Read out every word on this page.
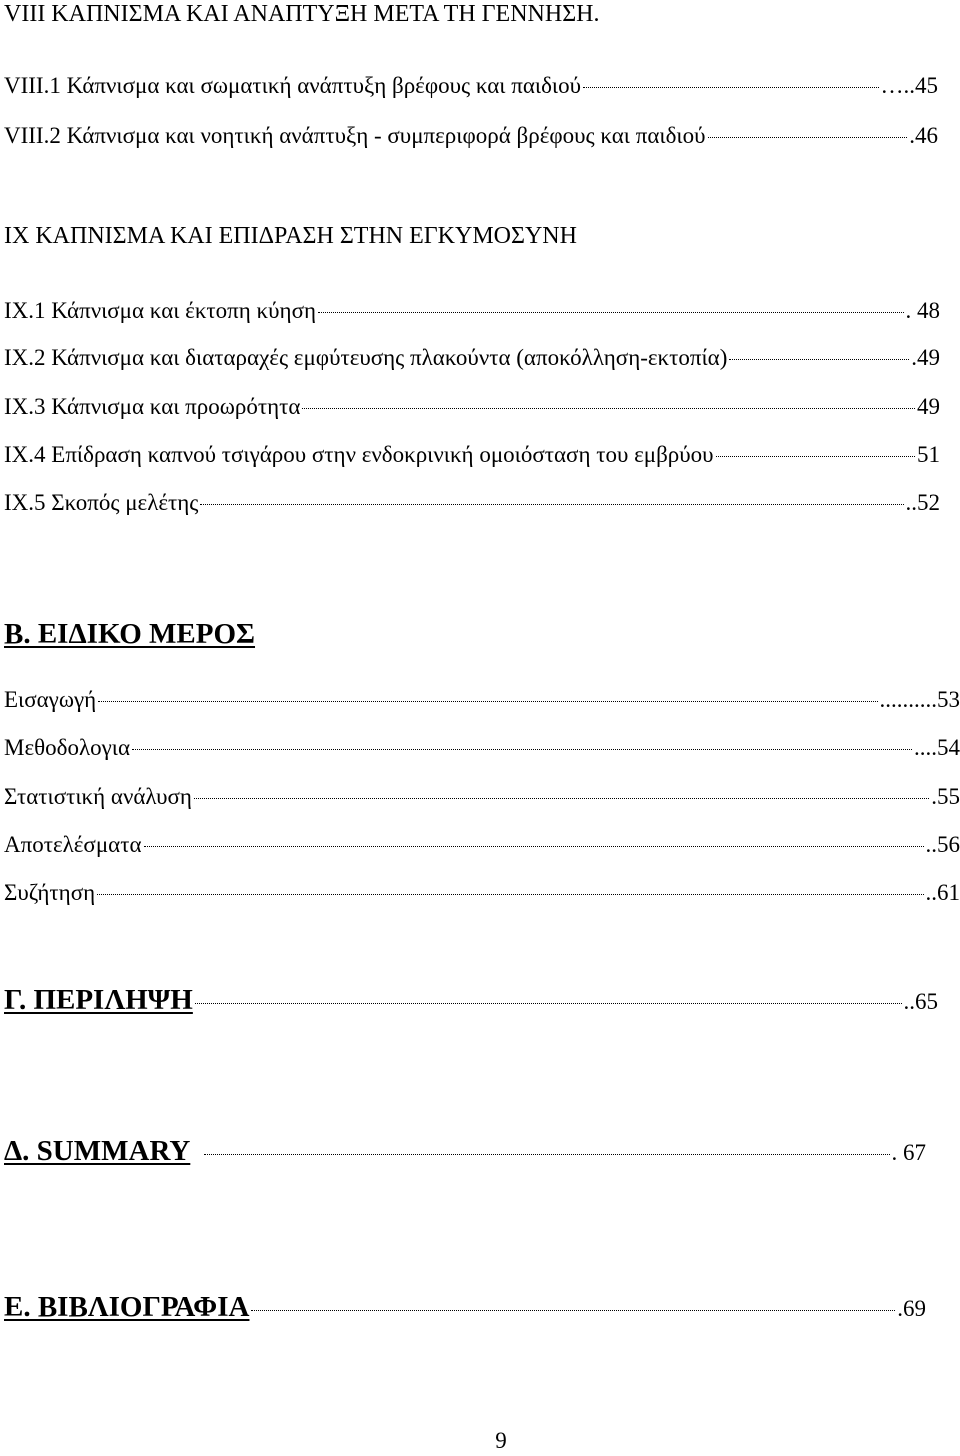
VIII ΚΑΠΝΙΣΜΑ ΚΑΙ ΑΝΑΠΤΥΞΗ ΜΕΤΑ ΤΗ ΓΕΝΝΗΣΗ.
VIII.1 Κάπνισμα και σωματική ανάπτυξη βρέφους και παιδιού	…..45
VIII.2 Κάπνισμα και νοητική ανάπτυξη - συμπεριφορά βρέφους και παιδιού	.46
IX ΚΑΠΝΙΣΜΑ ΚΑΙ ΕΠΙΔΡΑΣΗ ΣΤΗΝ ΕΓΚΥΜΟΣΥΝΗ
IX.1 Κάπνισμα και έκτοπη κύηση	. 48
IX.2 Κάπνισμα και διαταραχές εμφύτευσης πλακούντα (αποκόλληση-εκτοπία)	.49
IX.3 Κάπνισμα και προωρότητα	49
IX.4 Επίδραση καπνού τσιγάρου στην ενδοκρινική ομοιόσταση του εμβρύου	51
IX.5 Σκοπός μελέτης	..52
Β. ΕΙΔΙΚΟ ΜΕΡΟΣ
Εισαγωγή	..........53
Μεθοδολογια	....54
Στατιστική ανάλυση	.55
Αποτελέσματα	..56
Συζήτηση	..61
Γ. ΠΕΡΙΛΗΨΗ	..65
Δ. SUMMARY	. 67
Ε. ΒΙΒΛΙΟΓΡΑΦΙΑ	.69
9
